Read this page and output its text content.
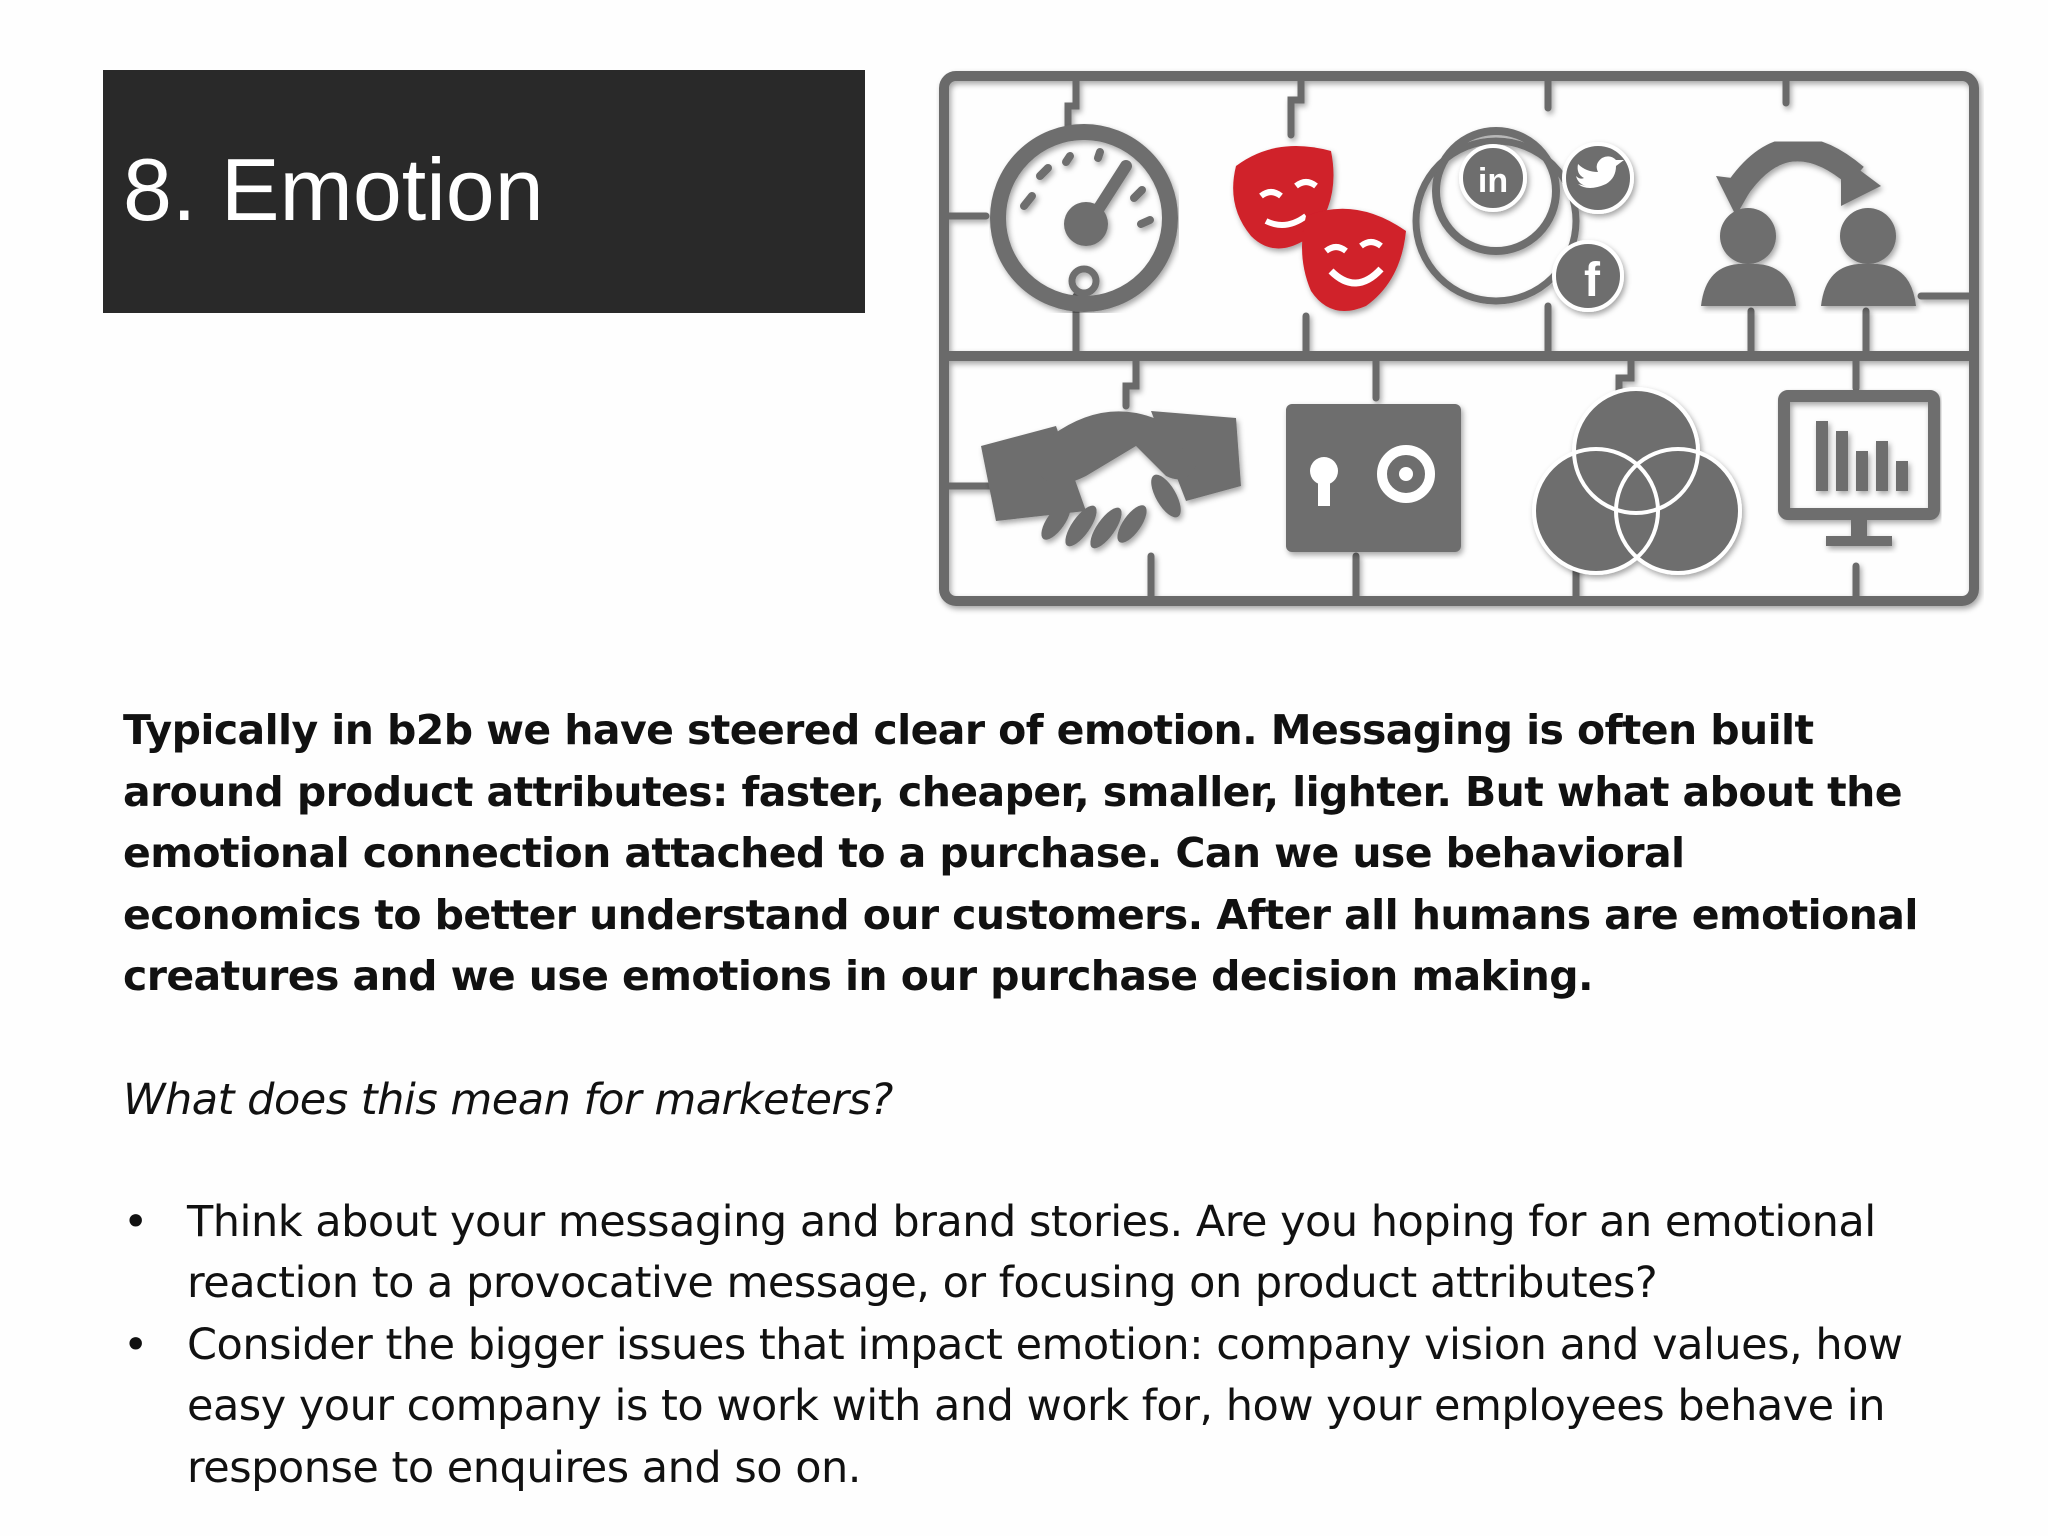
8. Emotion	in
f

Typically in b2b we have steered clear of emotion. Messaging is often built around product attributes: faster, cheaper, smaller, lighter. But what about the emotional connection attached to a purchase. Can we use behavioral economics to better understand our customers. After all humans are emotional creatures and we use emotions in our purchase decision making.

What does this mean for marketers?

• Think about your messaging and brand stories. Are you hoping for an emotional reaction to a provocative message, or focusing on product attributes?
• Consider the bigger issues that impact emotion: company vision and values, how easy your company is to work with and work for, how your employees behave in response to enquires and so on.
